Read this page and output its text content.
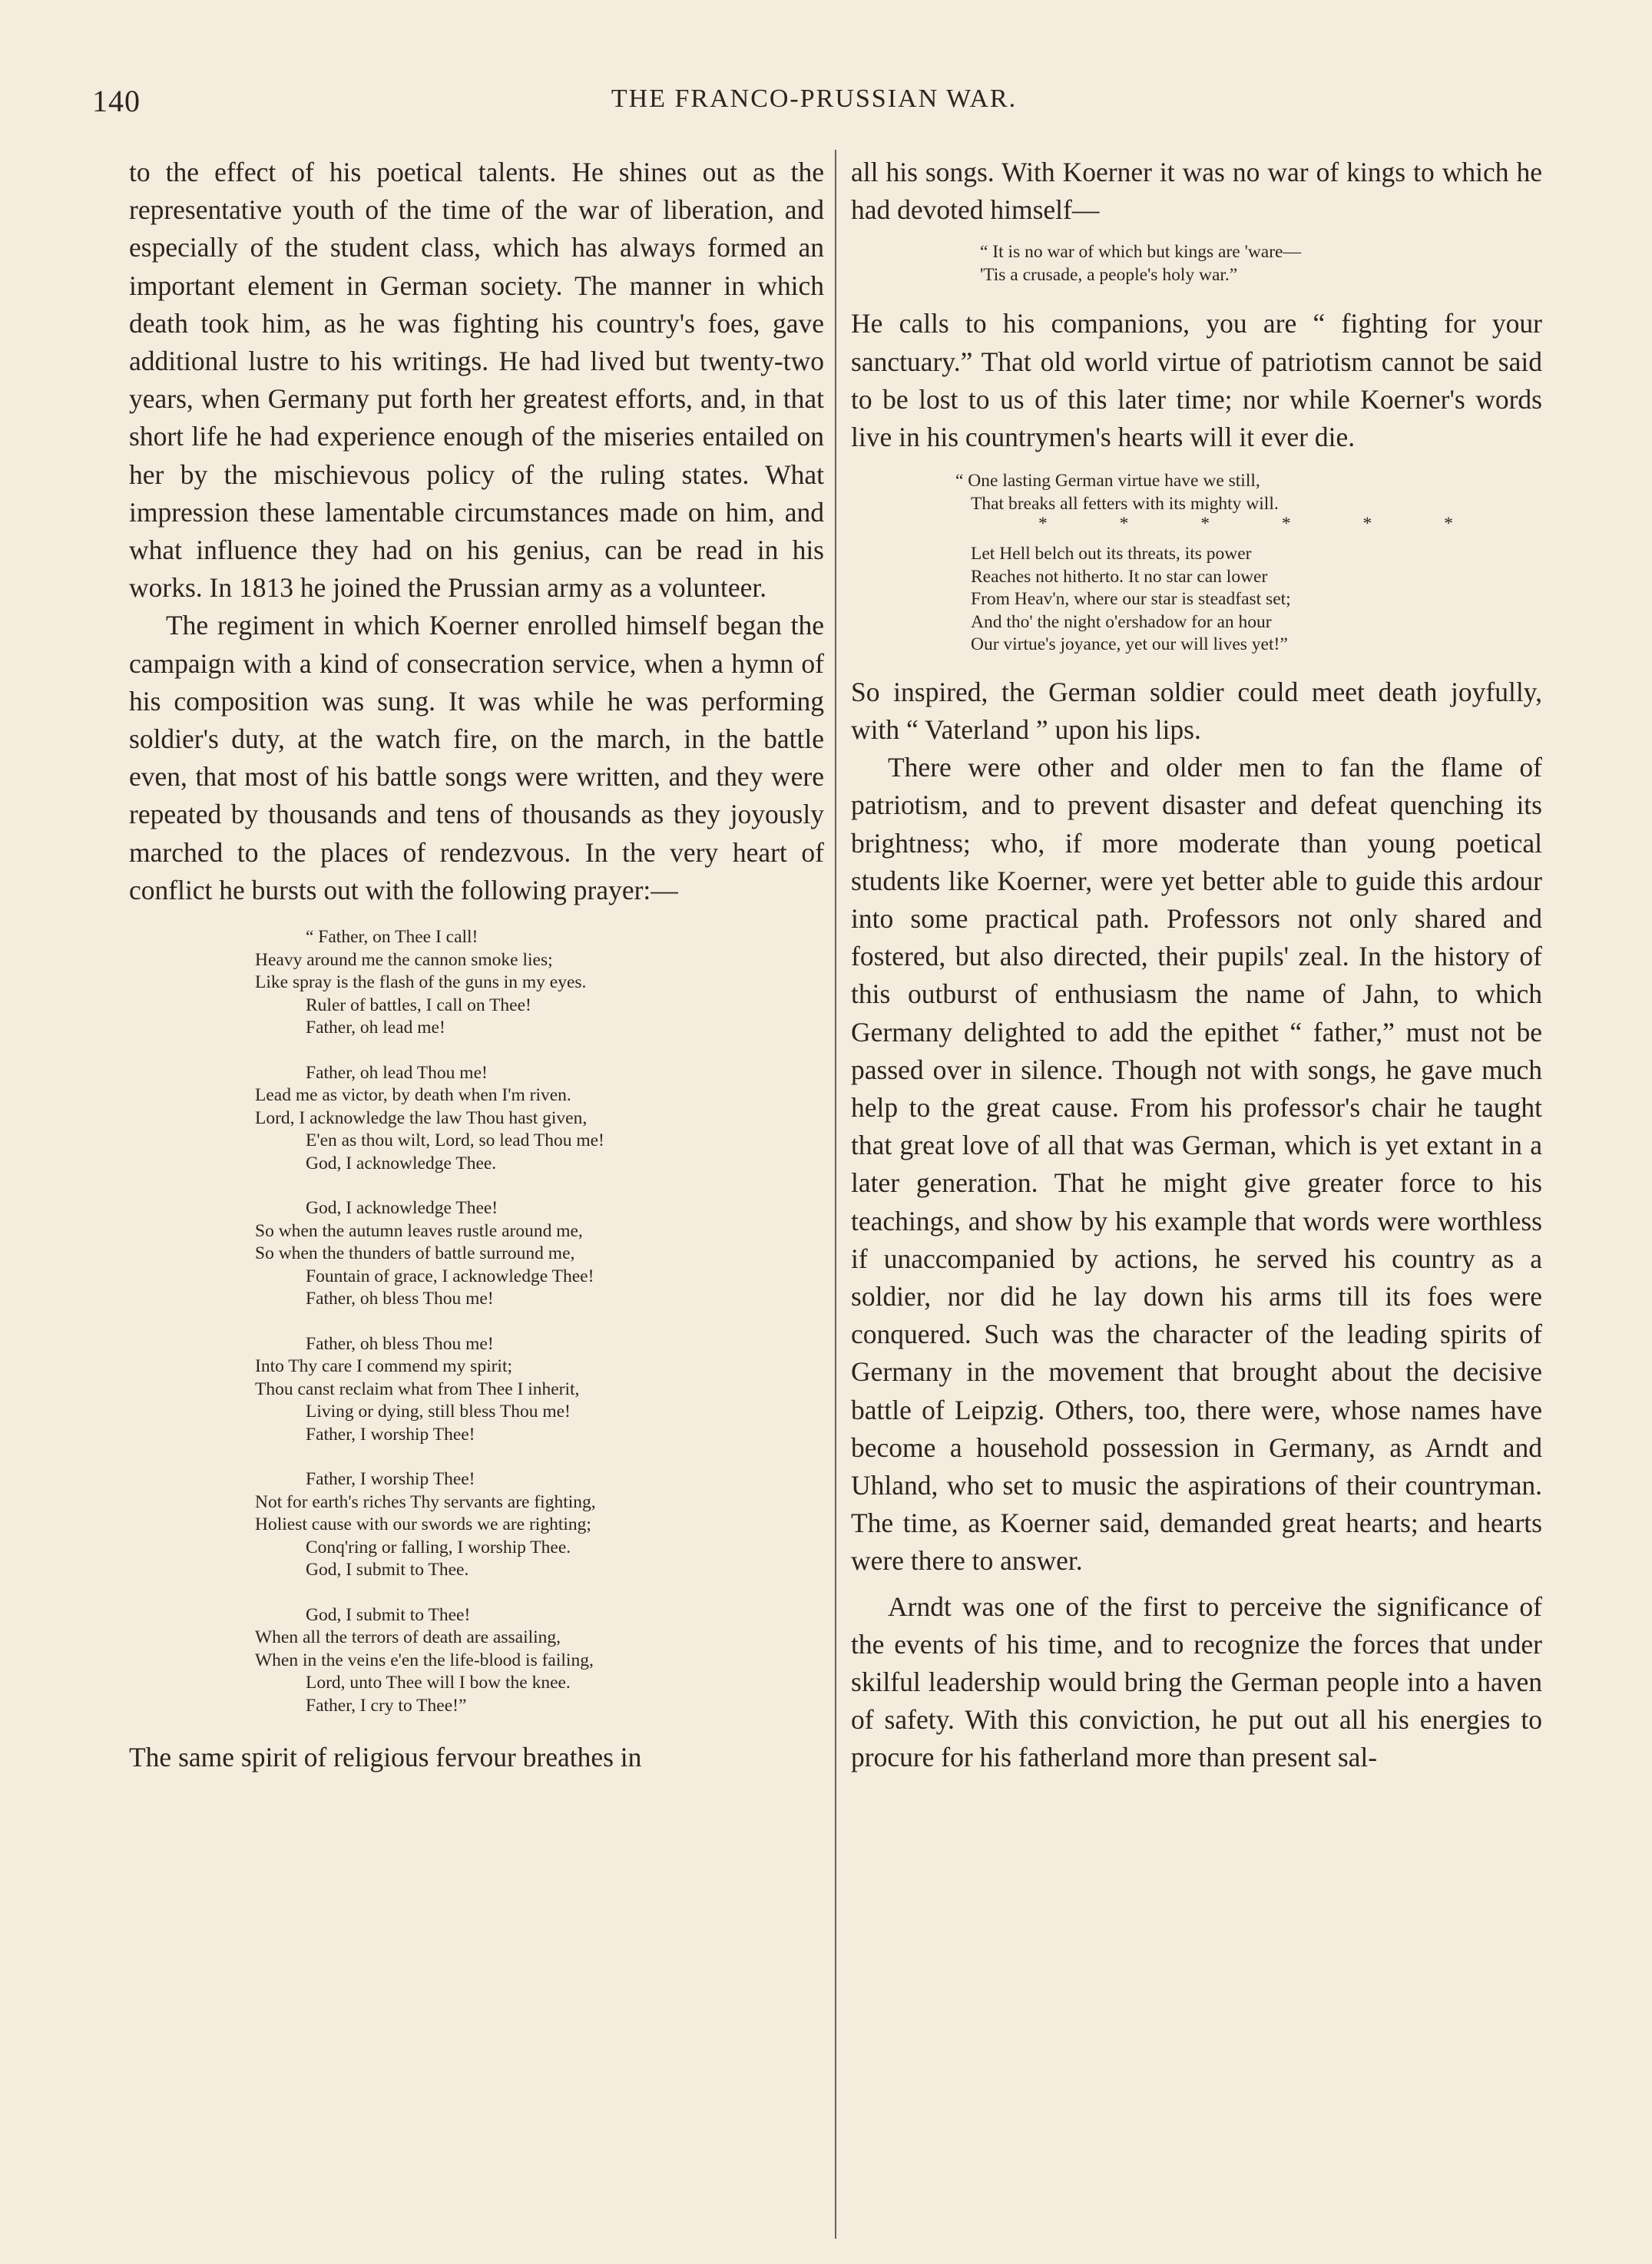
140	THE FRANCO-PRUSSIAN WAR.

to the effect of his poetical talents. He shines out as the representative youth of the time of the war of liberation, and especially of the student class, which has always formed an important element in German society. The manner in which death took him, as he was fighting his country's foes, gave additional lustre to his writings. He had lived but twenty-two years, when Germany put forth her greatest efforts, and, in that short life he had experience enough of the miseries entailed on her by the mischievous policy of the ruling states. What impression these lamentable circumstances made on him, and what influence they had on his genius, can be read in his works. In 1813 he joined the Prussian army as a volunteer.

The regiment in which Koerner enrolled himself began the campaign with a kind of consecration service, when a hymn of his composition was sung. It was while he was performing soldier's duty, at the watch fire, on the march, in the battle even, that most of his battle songs were written, and they were repeated by thousands and tens of thousands as they joyously marched to the places of rendezvous. In the very heart of conflict he bursts out with the following prayer:—

“ Father, on Thee I call!
Heavy around me the cannon smoke lies;
Like spray is the flash of the guns in my eyes.
Ruler of battles, I call on Thee!
Father, oh lead me!
Father, oh lead Thou me!
Lead me as victor, by death when I'm riven.
Lord, I acknowledge the law Thou hast given,
E'en as thou wilt, Lord, so lead Thou me!
God, I acknowledge Thee.
God, I acknowledge Thee!
So when the autumn leaves rustle around me,
So when the thunders of battle surround me,
Fountain of grace, I acknowledge Thee!
Father, oh bless Thou me!
Father, oh bless Thou me!
Into Thy care I commend my spirit;
Thou canst reclaim what from Thee I inherit,
Living or dying, still bless Thou me!
Father, I worship Thee!
Father, I worship Thee!
Not for earth's riches Thy servants are fighting,
Holiest cause with our swords we are righting;
Conq'ring or falling, I worship Thee.
God, I submit to Thee.
God, I submit to Thee!
When all the terrors of death are assailing,
When in the veins e'en the life-blood is failing,
Lord, unto Thee will I bow the knee.
Father, I cry to Thee!”

The same spirit of religious fervour breathes in

all his songs. With Koerner it was no war of kings to which he had devoted himself—

“ It is no war of which but kings are 'ware—
'Tis a crusade, a people's holy war.”

He calls to his companions, you are “ fighting for your sanctuary.” That old world virtue of patriotism cannot be said to be lost to us of this later time; nor while Koerner's words live in his countrymen's hearts will it ever die.

“ One lasting German virtue have we still,
That breaks all fetters with its mighty will.
* * * * * *
Let Hell belch out its threats, its power
Reaches not hitherto. It no star can lower
From Heav'n, where our star is steadfast set;
And tho' the night o'ershadow for an hour
Our virtue's joyance, yet our will lives yet!”

So inspired, the German soldier could meet death joyfully, with “ Vaterland ” upon his lips.

There were other and older men to fan the flame of patriotism, and to prevent disaster and defeat quenching its brightness; who, if more moderate than young poetical students like Koerner, were yet better able to guide this ardour into some practical path. Professors not only shared and fostered, but also directed, their pupils' zeal. In the history of this outburst of enthusiasm the name of Jahn, to which Germany delighted to add the epithet “ father,” must not be passed over in silence. Though not with songs, he gave much help to the great cause. From his professor's chair he taught that great love of all that was German, which is yet extant in a later generation. That he might give greater force to his teachings, and show by his example that words were worthless if unaccompanied by actions, he served his country as a soldier, nor did he lay down his arms till its foes were conquered. Such was the character of the leading spirits of Germany in the movement that brought about the decisive battle of Leipzig. Others, too, there were, whose names have become a household possession in Germany, as Arndt and Uhland, who set to music the aspirations of their countryman. The time, as Koerner said, demanded great hearts; and hearts were there to answer.

Arndt was one of the first to perceive the significance of the events of his time, and to recognize the forces that under skilful leadership would bring the German people into a haven of safety. With this conviction, he put out all his energies to procure for his fatherland more than present sal-
